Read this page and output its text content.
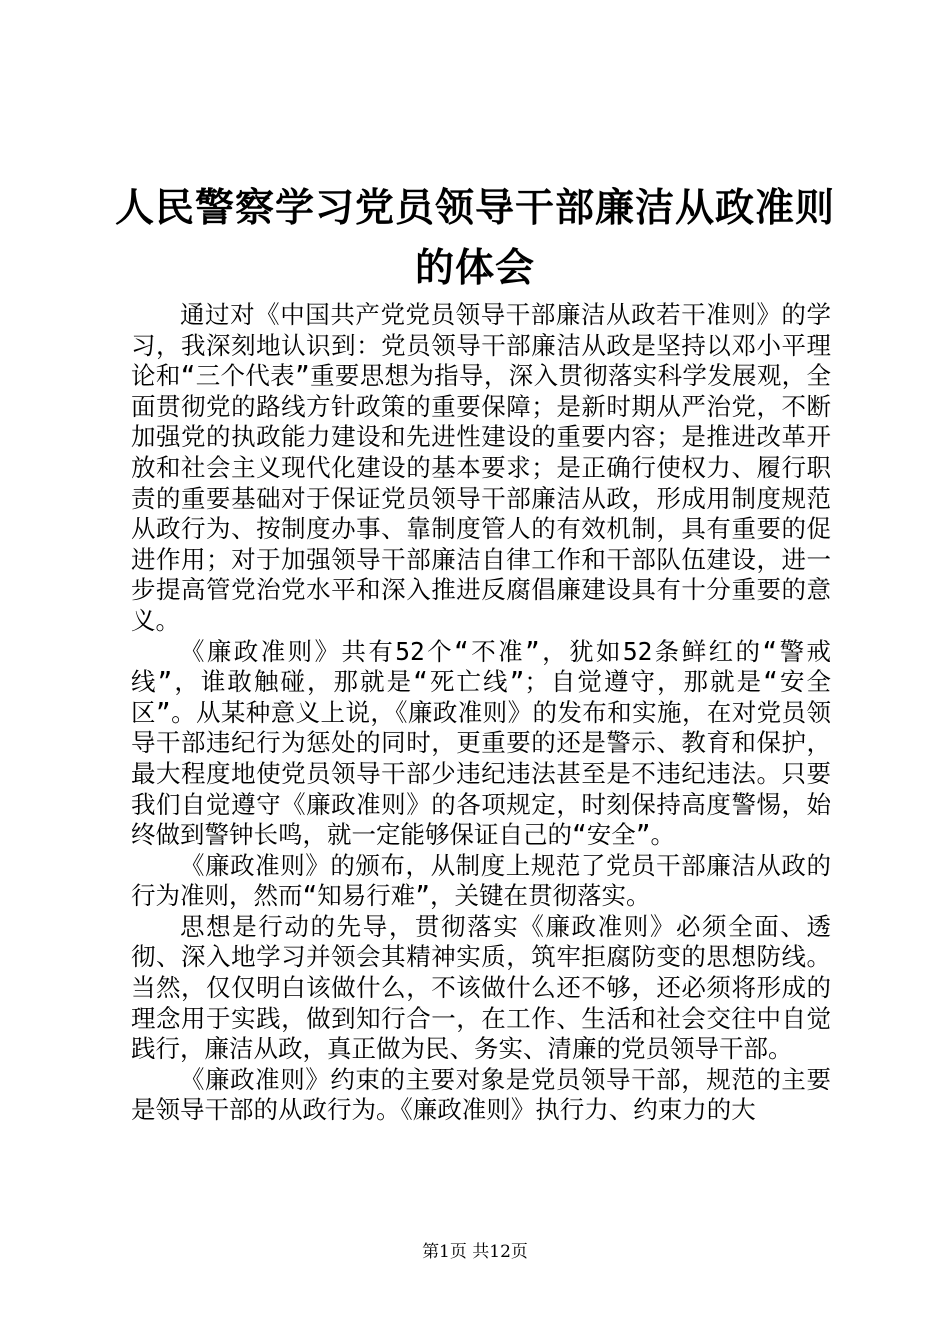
人民警察学习党员领导干部廉洁从政准则的体会

通过对《中国共产党党员领导干部廉洁从政若干准则》的学习，我深刻地认识到：党员领导干部廉洁从政是坚持以邓小平理论和“三个代表”重要思想为指导，深入贯彻落实科学发展观，全面贯彻党的路线方针政策的重要保障；是新时期从严治党，不断加强党的执政能力建设和先进性建设的重要内容；是推进改革开放和社会主义现代化建设的基本要求；是正确行使权力、履行职责的重要基础对于保证党员领导干部廉洁从政，形成用制度规范从政行为、按制度办事、靠制度管人的有效机制，具有重要的促进作用；对于加强领导干部廉洁自律工作和干部队伍建设，进一步提高管党治党水平和深入推进反腐倡廉建设具有十分重要的意义。

《廉政准则》共有52个“不准”，犹如52条鲜红的“警戒线”，谁敢触碰，那就是“死亡线”；自觉遵守，那就是“安全区”。从某种意义上说，《廉政准则》的发布和实施，在对党员领导干部违纪行为惩处的同时，更重要的还是警示、教育和保护，最大程度地使党员领导干部少违纪违法甚至是不违纪违法。只要我们自觉遵守《廉政准则》的各项规定，时刻保持高度警惕，始终做到警钟长鸣，就一定能够保证自己的“安全”。

《廉政准则》的颁布，从制度上规范了党员干部廉洁从政的行为准则，然而“知易行难”，关键在贯彻落实。

思想是行动的先导，贯彻落实《廉政准则》必须全面、透彻、深入地学习并领会其精神实质，筑牢拒腐防变的思想防线。当然，仅仅明白该做什么，不该做什么还不够，还必须将形成的理念用于实践，做到知行合一，在工作、生活和社会交往中自觉践行，廉洁从政，真正做为民、务实、清廉的党员领导干部。

《廉政准则》约束的主要对象是党员领导干部，规范的主要是领导干部的从政行为。《廉政准则》执行力、约束力的大

第1页 共12页
